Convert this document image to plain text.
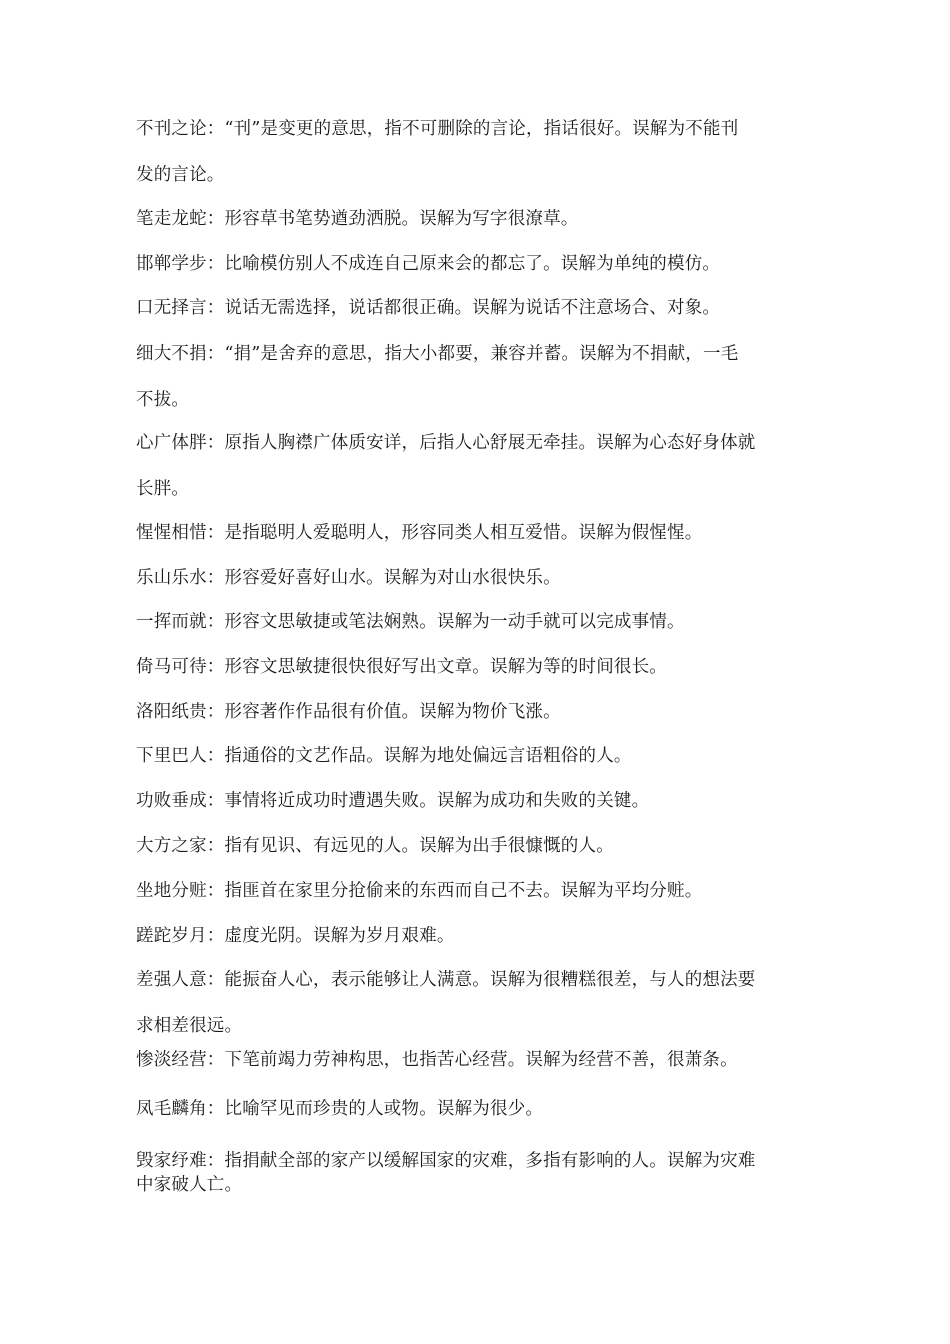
不刊之论：“刊”是变更的意思，指不可删除的言论，指话很好。误解为不能刊
发的言论。

笔走龙蛇：形容草书笔势遒劲洒脱。误解为写字很潦草。

邯郸学步：比喻模仿别人不成连自己原来会的都忘了。误解为单纯的模仿。

口无择言：说话无需选择，说话都很正确。误解为说话不注意场合、对象。

细大不捐：“捐”是舍弃的意思，指大小都要，兼容并蓄。误解为不捐献，一毛
不拔。

心广体胖：原指人胸襟广体质安详，后指人心舒展无牵挂。误解为心态好身体就
长胖。

惺惺相惜：是指聪明人爱聪明人，形容同类人相互爱惜。误解为假惺惺。

乐山乐水：形容爱好喜好山水。误解为对山水很快乐。

一挥而就：形容文思敏捷或笔法娴熟。误解为一动手就可以完成事情。

倚马可待：形容文思敏捷很快很好写出文章。误解为等的时间很长。

洛阳纸贵：形容著作作品很有价值。误解为物价飞涨。

下里巴人：指通俗的文艺作品。误解为地处偏远言语粗俗的人。

功败垂成：事情将近成功时遭遇失败。误解为成功和失败的关键。

大方之家：指有见识、有远见的人。误解为出手很慷慨的人。

坐地分赃：指匪首在家里分抢偷来的东西而自己不去。误解为平均分赃。

蹉跎岁月：虚度光阴。误解为岁月艰难。

差强人意：能振奋人心，表示能够让人满意。误解为很糟糕很差，与人的想法要
求相差很远。

惨淡经营：下笔前竭力劳神构思，也指苦心经营。误解为经营不善，很萧条。

凤毛麟角：比喻罕见而珍贵的人或物。误解为很少。

毁家纾难：指捐献全部的家产以缓解国家的灾难，多指有影响的人。误解为灾难
中家破人亡。
